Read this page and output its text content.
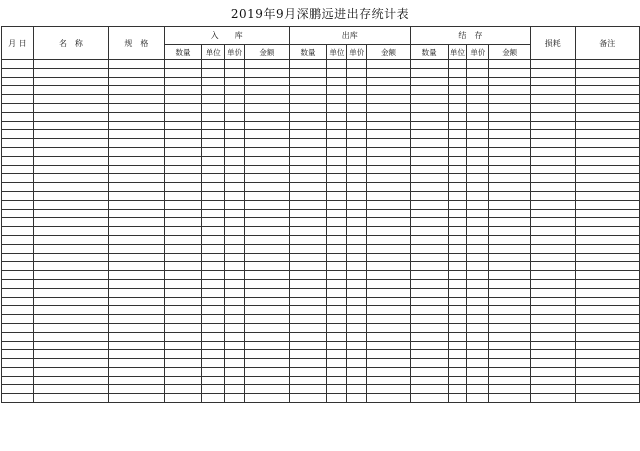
2019年9月深鹏远进出存统计表
月 日	名　称	规　格	入　　库				出库				结　存				损耗	备注
			数量	单位	单价	金额	数量	单位	单价	金额	数量	单位	单价	金额		
